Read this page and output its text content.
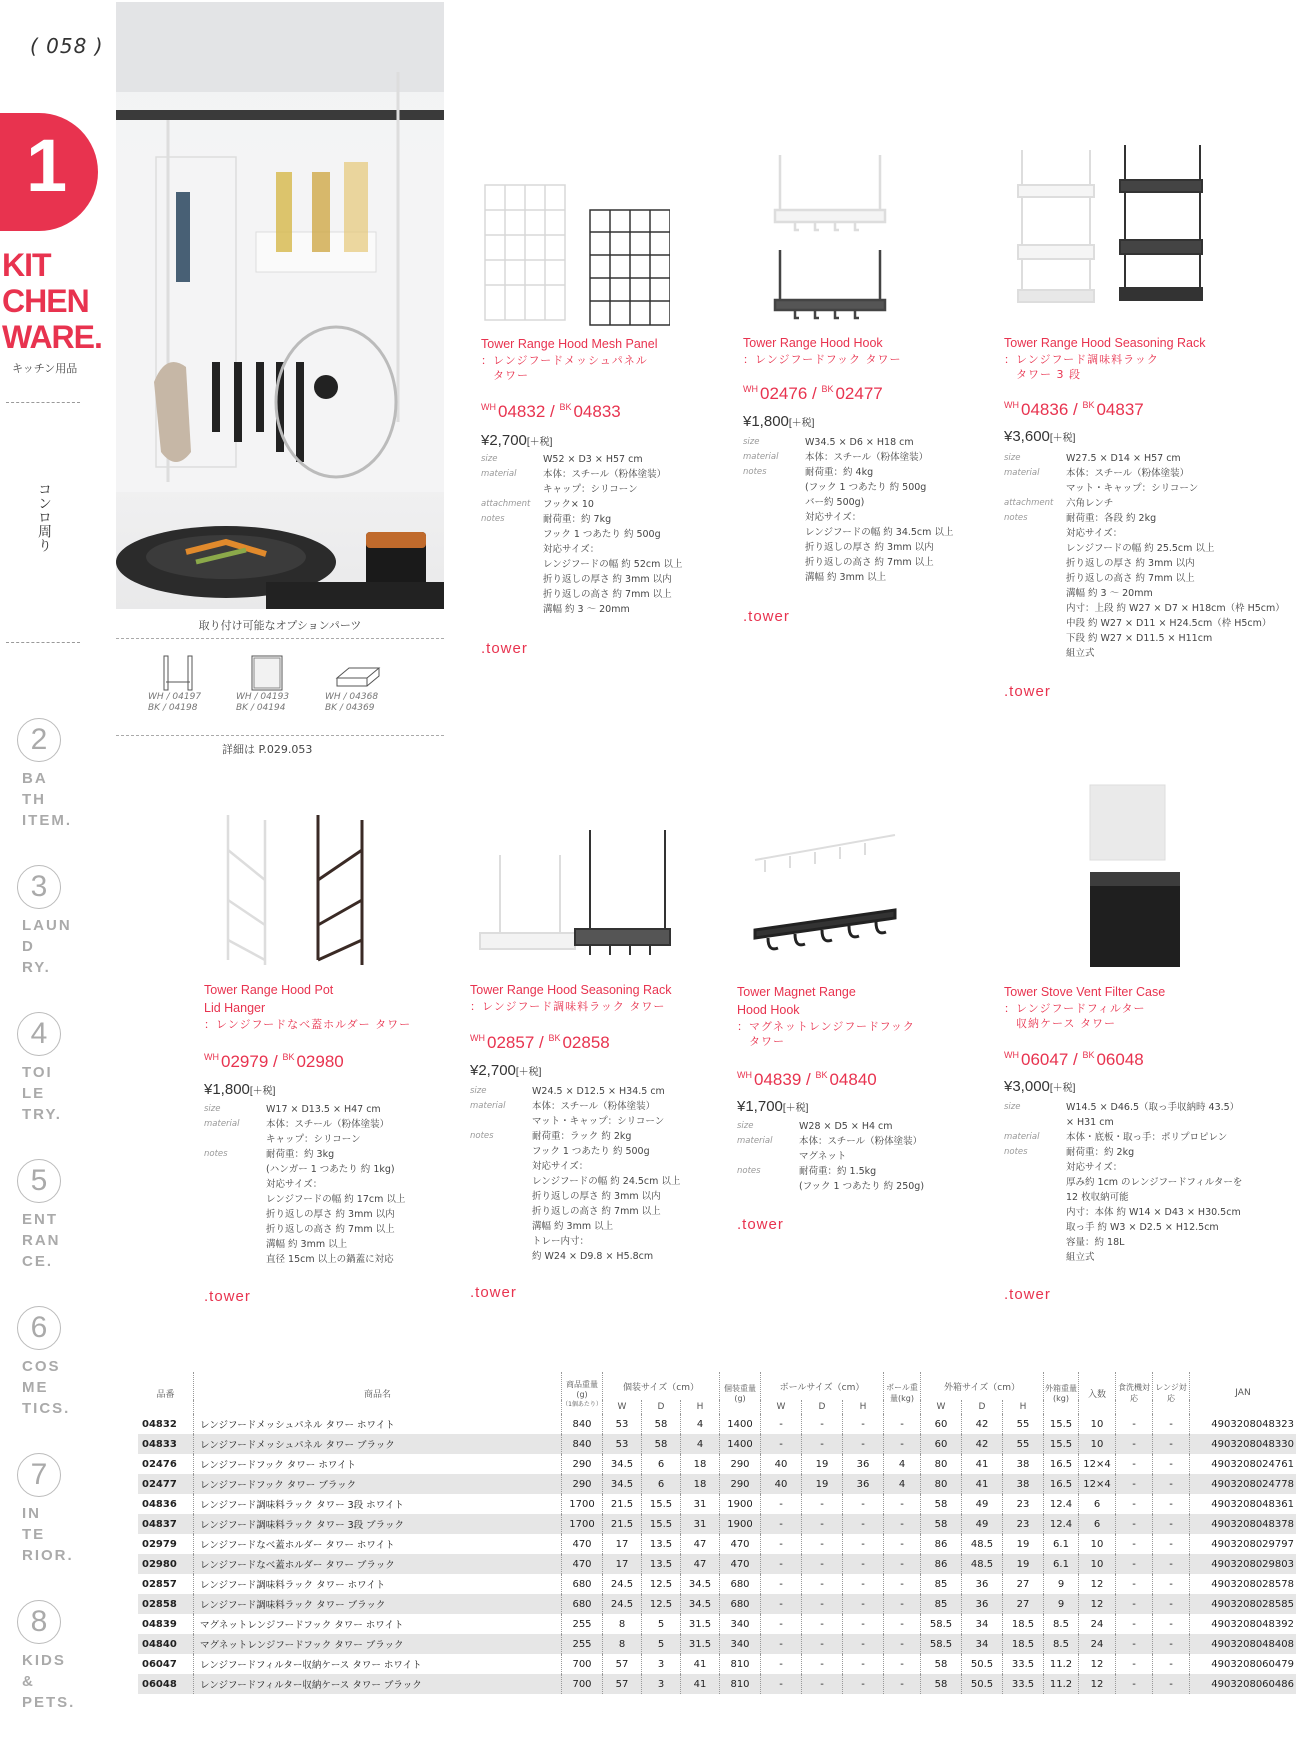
( 058 )
1
KIT
CHEN
WARE.
キッチン用品
コンロ周り
2
BA
TH
ITEM.
3
LAUN
D
RY.
4
TOI
LE
TRY.
5
ENT
RAN
CE.
6
COS
ME
TICS.
7
IN
TE
RIOR.
8
KIDS
&
PETS.
取り付け可能なオプションパーツ
WH / 04197
BK / 04198
WH / 04193
BK / 04194
WH / 04368
BK / 04369
詳細は P.029.053
Tower Range Hood Mesh Panel
：レンジフードメッシュパネル
　タワー
$^{WH}$ 04832 / $^{BK}$ 04833
¥2,700[＋税]
size	W52 × D3 × H57 cm
material	本体：スチール（粉体塗装）
	キャップ：シリコーン
attachment	フック× 10
notes	耐荷重：約 7kg
	フック 1 つあたり 約 500g
	対応サイズ：
	レンジフードの幅 約 52cm 以上
	折り返しの厚さ 約 3mm 以内
	折り返しの高さ 約 7mm 以上
	溝幅 約 3 ～ 20mm
.tower
Tower Range Hood Hook
：レンジフードフック タワー
$^{WH}$ 02476 / $^{BK}$ 02477
¥1,800[＋税]
size	W34.5 × D6 × H18 cm
material	本体：スチール（粉体塗装）
notes	耐荷重：約 4kg
	(フック 1 つあたり 約 500g
	バー約 500g)
	対応サイズ：
	レンジフードの幅 約 34.5cm 以上
	折り返しの厚さ 約 3mm 以内
	折り返しの高さ 約 7mm 以上
	溝幅 約 3mm 以上
.tower
Tower Range Hood Seasoning Rack
：レンジフード調味料ラック
　タワー 3 段
$^{WH}$ 04836 / $^{BK}$ 04837
¥3,600[＋税]
size	W27.5 × D14 × H57 cm
material	本体：スチール（粉体塗装）
	マット・キャップ：シリコーン
attachment	六角レンチ
notes	耐荷重：各段 約 2kg
	対応サイズ：
	レンジフードの幅 約 25.5cm 以上
	折り返しの厚さ 約 3mm 以内
	折り返しの高さ 約 7mm 以上
	溝幅 約 3 ～ 20mm
	内寸：上段 約 W27 × D7 × H18cm（枠 H5cm）
	中段 約 W27 × D11 × H24.5cm（枠 H5cm）
	下段 約 W27 × D11.5 × H11cm
	組立式
.tower
Tower Range Hood Pot
Lid Hanger
：レンジフードなべ蓋ホルダー タワー
$^{WH}$ 02979 / $^{BK}$ 02980
¥1,800[＋税]
size	W17 × D13.5 × H47 cm
material	本体：スチール（粉体塗装）
	キャップ：シリコーン
notes	耐荷重：約 3kg
	(ハンガー 1 つあたり 約 1kg)
	対応サイズ：
	レンジフードの幅 約 17cm 以上
	折り返しの厚さ 約 3mm 以内
	折り返しの高さ 約 7mm 以上
	溝幅 約 3mm 以上
	直径 15cm 以上の鍋蓋に対応
.tower
Tower Range Hood Seasoning Rack
：レンジフード調味料ラック タワー
$^{WH}$ 02857 / $^{BK}$ 02858
¥2,700[＋税]
size	W24.5 × D12.5 × H34.5 cm
material	本体：スチール（粉体塗装）
	マット・キャップ：シリコーン
notes	耐荷重：ラック 約 2kg
	フック 1 つあたり 約 500g
	対応サイズ：
	レンジフードの幅 約 24.5cm 以上
	折り返しの厚さ 約 3mm 以内
	折り返しの高さ 約 7mm 以上
	溝幅 約 3mm 以上
	トレー内寸：
	約 W24 × D9.8 × H5.8cm
.tower
Tower Magnet Range
Hood Hook
：マグネットレンジフードフック
　タワー
$^{WH}$ 04839 / $^{BK}$ 04840
¥1,700[＋税]
size	W28 × D5 × H4 cm
material	本体：スチール（粉体塗装）
	マグネット
notes	耐荷重：約 1.5kg
	(フック 1 つあたり 約 250g)
.tower
Tower Stove Vent Filter Case
：レンジフードフィルター
　収納ケース タワー
$^{WH}$ 06047 / $^{BK}$ 06048
¥3,000[＋税]
size	W14.5 × D46.5（取っ手収納時 43.5）
	× H31 cm
material	本体・底板・取っ手：ポリプロピレン
notes	耐荷重：約 2kg
	対応サイズ：
	厚み約 1cm のレンジフードフィルターを
	12 枚収納可能
	内寸：本体 約 W14 × D43 × H30.5cm
	取っ手 約 W3 × D2.5 × H12.5cm
	容量：約 18L
	組立式
.tower
品番	商品名	商品重量(g)
（1個あたり）	個装サイズ（cm）			個装重量(g)	ボールサイズ（cm）			ボール重量(kg)	外箱サイズ（cm）			外箱重量(kg)	入数	食洗機対応	レンジ対応	JAN
			W	D	H		W	D	H		W	D	H					
04832	レンジフードメッシュパネル タワー ホワイト	840	53	58	4	1400	-	-	-	-	60	42	55	15.5	10	-	-	4903208048323
04833	レンジフードメッシュパネル タワー ブラック	840	53	58	4	1400	-	-	-	-	60	42	55	15.5	10	-	-	4903208048330
02476	レンジフードフック タワー ホワイト	290	34.5	6	18	290	40	19	36	4	80	41	38	16.5	12×4	-	-	4903208024761
02477	レンジフードフック タワー ブラック	290	34.5	6	18	290	40	19	36	4	80	41	38	16.5	12×4	-	-	4903208024778
04836	レンジフード調味料ラック タワー 3段 ホワイト	1700	21.5	15.5	31	1900	-	-	-	-	58	49	23	12.4	6	-	-	4903208048361
04837	レンジフード調味料ラック タワー 3段 ブラック	1700	21.5	15.5	31	1900	-	-	-	-	58	49	23	12.4	6	-	-	4903208048378
02979	レンジフードなべ蓋ホルダー タワー ホワイト	470	17	13.5	47	470	-	-	-	-	86	48.5	19	6.1	10	-	-	4903208029797
02980	レンジフードなべ蓋ホルダー タワー ブラック	470	17	13.5	47	470	-	-	-	-	86	48.5	19	6.1	10	-	-	4903208029803
02857	レンジフード調味料ラック タワー ホワイト	680	24.5	12.5	34.5	680	-	-	-	-	85	36	27	9	12	-	-	4903208028578
02858	レンジフード調味料ラック タワー ブラック	680	24.5	12.5	34.5	680	-	-	-	-	85	36	27	9	12	-	-	4903208028585
04839	マグネットレンジフードフック タワー ホワイト	255	8	5	31.5	340	-	-	-	-	58.5	34	18.5	8.5	24	-	-	4903208048392
04840	マグネットレンジフードフック タワー ブラック	255	8	5	31.5	340	-	-	-	-	58.5	34	18.5	8.5	24	-	-	4903208048408
06047	レンジフードフィルター収納ケース タワー ホワイト	700	57	3	41	810	-	-	-	-	58	50.5	33.5	11.2	12	-	-	4903208060479
06048	レンジフードフィルター収納ケース タワー ブラック	700	57	3	41	810	-	-	-	-	58	50.5	33.5	11.2	12	-	-	4903208060486
